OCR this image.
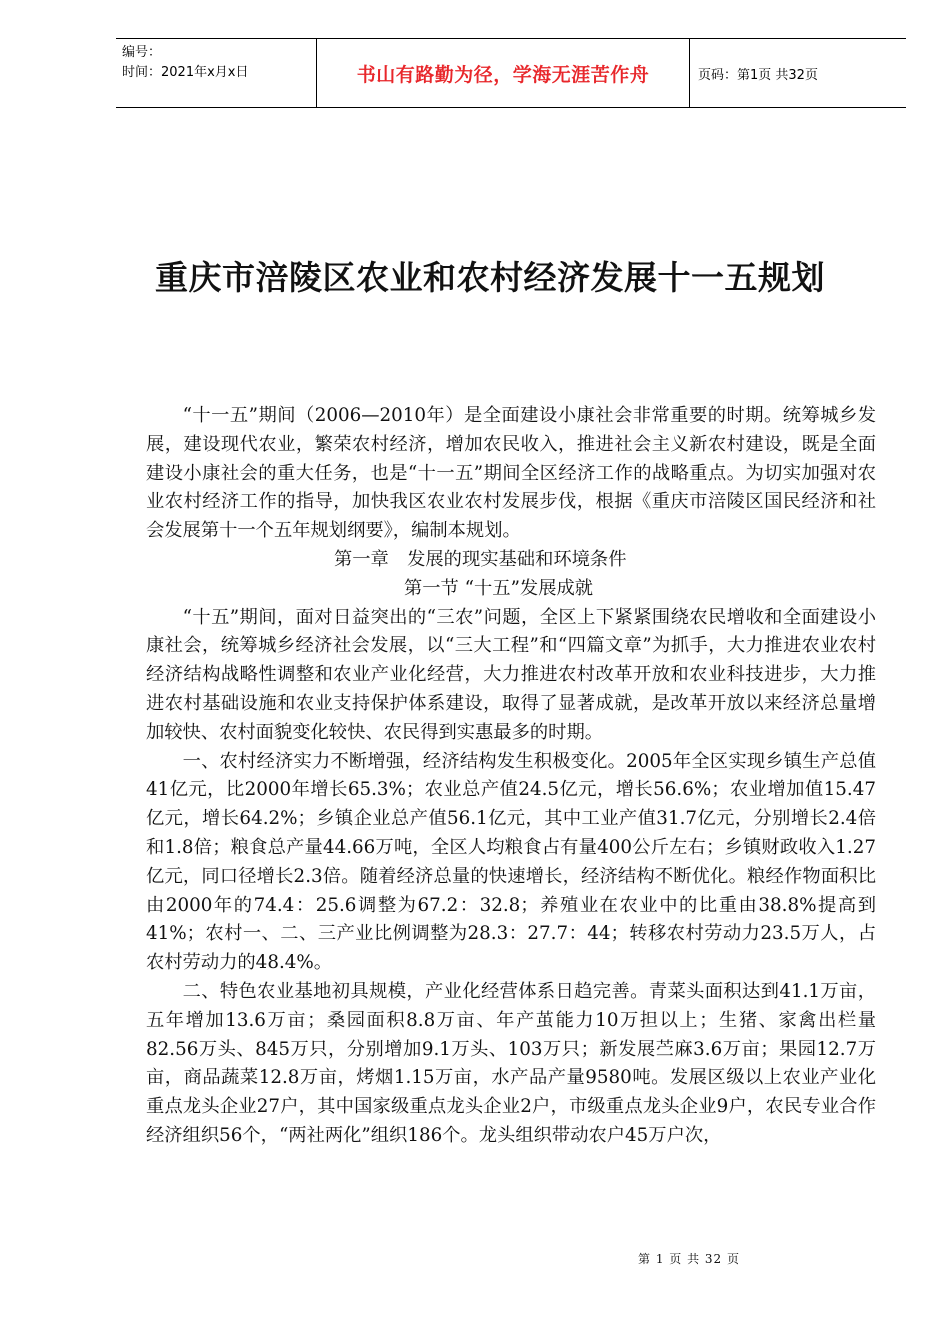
编号：
时间：2021年x月x日	书山有路勤为径，学海无涯苦作舟	页码：第1页 共32页
重庆市涪陵区农业和农村经济发展十一五规划

“十一五”期间（2006—2010年）是全面建设小康社会非常重要的时期。统筹城乡发展，建设现代农业，繁荣农村经济，增加农民收入，推进社会主义新农村建设，既是全面建设小康社会的重大任务，也是“十一五”期间全区经济工作的战略重点。为切实加强对农业农村经济工作的指导，加快我区农业农村发展步伐，根据《重庆市涪陵区国民经济和社会发展第十一个五年规划纲要》，编制本规划。

第一章　发展的现实基础和环境条件

第一节 “十五”发展成就

“十五”期间，面对日益突出的“三农”问题，全区上下紧紧围绕农民增收和全面建设小康社会，统筹城乡经济社会发展，以“三大工程”和“四篇文章”为抓手，大力推进农业农村经济结构战略性调整和农业产业化经营，大力推进农村改革开放和农业科技进步，大力推进农村基础设施和农业支持保护体系建设，取得了显著成就，是改革开放以来经济总量增加较快、农村面貌变化较快、农民得到实惠最多的时期。

一、农村经济实力不断增强，经济结构发生积极变化。2005年全区实现乡镇生产总值41亿元，比2000年增长65.3%；农业总产值24.5亿元，增长56.6%；农业增加值15.47亿元，增长64.2%；乡镇企业总产值56.1亿元，其中工业产值31.7亿元，分别增长2.4倍和1.8倍；粮食总产量44.66万吨，全区人均粮食占有量400公斤左右；乡镇财政收入1.27亿元，同口径增长2.3倍。随着经济总量的快速增长，经济结构不断优化。粮经作物面积比由2000年的74.4：25.6调整为67.2：32.8；养殖业在农业中的比重由38.8%提高到41%；农村一、二、三产业比例调整为28.3：27.7：44；转移农村劳动力23.5万人，占农村劳动力的48.4%。

二、特色农业基地初具规模，产业化经营体系日趋完善。青菜头面积达到41.1万亩，五年增加13.6万亩；桑园面积8.8万亩、年产茧能力10万担以上；生猪、家禽出栏量82.56万头、845万只，分别增加9.1万头、103万只；新发展苎麻3.6万亩；果园12.7万亩，商品蔬菜12.8万亩，烤烟1.15万亩，水产品产量9580吨。发展区级以上农业产业化重点龙头企业27户，其中国家级重点龙头企业2户，市级重点龙头企业9户，农民专业合作经济组织56个，“两社两化”组织186个。龙头组织带动农户45万户次，

第 1 页 共 32 页
